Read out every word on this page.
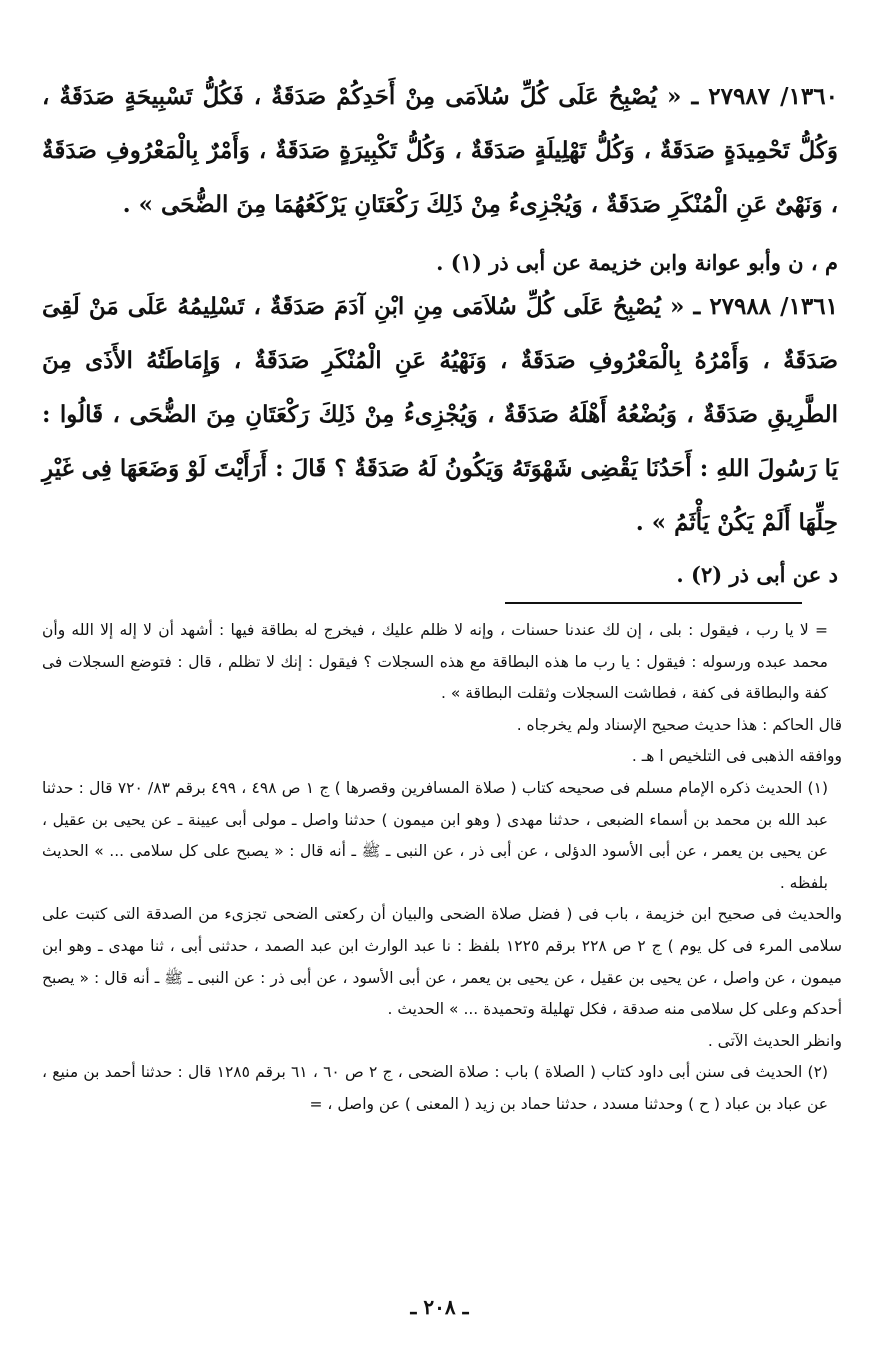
١٣٦٠/ ٢٧٩٨٧ ـ « يُصْبِحُ عَلَى كُلِّ سُلاَمَى مِنْ أَحَدِكُمْ صَدَقَةٌ ، فَكُلُّ تَسْبِيحَةٍ صَدَقَةٌ ، وَكُلُّ تَحْمِيدَةٍ صَدَقَةٌ ، وَكُلُّ تَهْلِيلَةٍ صَدَقَةٌ ، وَكُلُّ تَكْبِيرَةٍ صَدَقَةٌ ، وَأَمْرٌ بِالْمَعْرُوفِ صَدَقَةٌ ، وَنَهْىٌ عَنِ الْمُنْكَرِ صَدَقَةٌ ، وَيُجْزِىءُ مِنْ ذَلِكَ رَكْعَتَانِ يَرْكَعُهُمَا مِنَ الضُّحَى » .
م ، ن وأبو عوانة وابن خزيمة عن أبى ذر (١) .
١٣٦١/ ٢٧٩٨٨ ـ « يُصْبِحُ عَلَى كُلِّ سُلاَمَى مِنِ ابْنِ آدَمَ صَدَقَةٌ ، تَسْلِيمُهُ عَلَى مَنْ لَقِىَ صَدَقَةٌ ، وَأَمْرُهُ بِالْمَعْرُوفِ صَدَقَةٌ ، وَنَهْيُهُ عَنِ الْمُنْكَرِ صَدَقَةٌ ، وَإِمَاطَتُهُ الأَذَى مِنَ الطَّرِيقِ صَدَقَةٌ ، وَبُضْعُهُ أَهْلَهُ صَدَقَةٌ ، وَيُجْزِىءُ مِنْ ذَلِكَ رَكْعَتَانِ مِنَ الضُّحَى ، قَالُوا : يَا رَسُولَ اللهِ : أَحَدُنَا يَقْضِى شَهْوَتَهُ وَيَكُونُ لَهُ صَدَقَةٌ ؟ قَالَ : أَرَأَيْتَ لَوْ وَضَعَهَا فِى غَيْرِ حِلِّهَا أَلَمْ يَكُنْ يَأْثَمُ » .
د عن أبى ذر (٢) .

= لا يا رب ، فيقول : بلى ، إن لك عندنا حسنات ، وإنه لا ظلم عليك ، فيخرج له بطاقة فيها : أشهد أن لا إله إلا الله وأن محمد عبده ورسوله : فيقول : يا رب ما هذه البطاقة مع هذه السجلات ؟ فيقول : إنك لا تظلم ، قال : فتوضع السجلات فى كفة والبطاقة فى كفة ، فطاشت السجلات وثقلت البطاقة » .

قال الحاكم : هذا حديث صحيح الإسناد ولم يخرجاه .

ووافقه الذهبى فى التلخيص ا هـ .

(١) الحديث ذكره الإمام مسلم فى صحيحه كتاب ( صلاة المسافرين وقصرها ) ج ١ ص ٤٩٨ ، ٤٩٩ برقم ٨٣/ ٧٢٠ قال : حدثنا عبد الله بن محمد بن أسماء الضبعى ، حدثنا مهدى ( وهو ابن ميمون ) حدثنا واصل ـ مولى أبى عيينة ـ عن يحيى بن عقيل ، عن يحيى بن يعمر ، عن أبى الأسود الدؤلى ، عن أبى ذر ، عن النبى ـ ﷺ ـ أنه قال : « يصبح على كل سلامى ... » الحديث بلفظه .

والحديث فى صحيح ابن خزيمة ، باب فى ( فضل صلاة الضحى والبيان أن ركعتى الضحى تجزىء من الصدقة التى كتبت على سلامى المرء فى كل يوم ) ج ٢ ص ٢٢٨ برقم ١٢٢٥ بلفظ : نا عبد الوارث ابن عبد الصمد ، حدثنى أبى ، ثنا مهدى ـ وهو ابن ميمون ، عن واصل ، عن يحيى بن عقيل ، عن يحيى بن يعمر ، عن أبى الأسود ، عن أبى ذر : عن النبى ـ ﷺ ـ أنه قال : « يصبح أحدكم وعلى كل سلامى منه صدقة ، فكل تهليلة وتحميدة ... » الحديث .

وانظر الحديث الآتى .

(٢) الحديث فى سنن أبى داود كتاب ( الصلاة ) باب : صلاة الضحى ، ج ٢ ص ٦٠ ، ٦١ برقم ١٢٨٥ قال : حدثنا أحمد بن منيع ، عن عباد بن عباد ( ح ) وحدثنا مسدد ، حدثنا حماد بن زيد ( المعنى ) عن واصل ، =

ـ ٢٠٨ ـ
